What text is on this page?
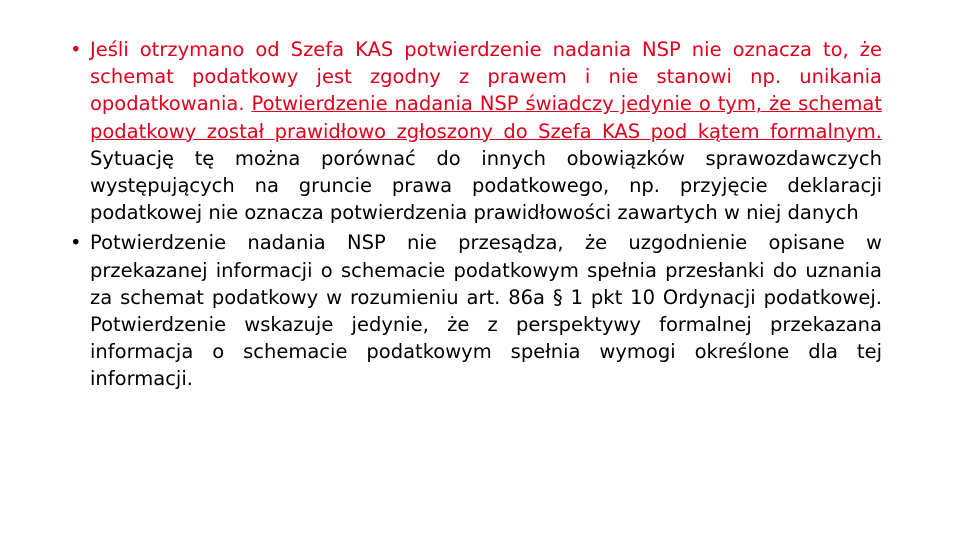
• Jeśli otrzymano od Szefa KAS potwierdzenie nadania NSP nie oznacza to, że schemat podatkowy jest zgodny z prawem i nie stanowi np. unikania opodatkowania. Potwierdzenie nadania NSP świadczy jedynie o tym, że schemat podatkowy został prawidłowo zgłoszony do Szefa KAS pod kątem formalnym. Sytuację tę można porównać do innych obowiązków sprawozdawczych występujących na gruncie prawa podatkowego, np. przyjęcie deklaracji podatkowej nie oznacza potwierdzenia prawidłowości zawartych w niej danych

• Potwierdzenie nadania NSP nie przesądza, że uzgodnienie opisane w przekazanej informacji o schemacie podatkowym spełnia przesłanki do uznania za schemat podatkowy w rozumieniu art. 86a § 1 pkt 10 Ordynacji podatkowej. Potwierdzenie wskazuje jedynie, że z perspektywy formalnej przekazana informacja o schemacie podatkowym spełnia wymogi określone dla tej informacji.
